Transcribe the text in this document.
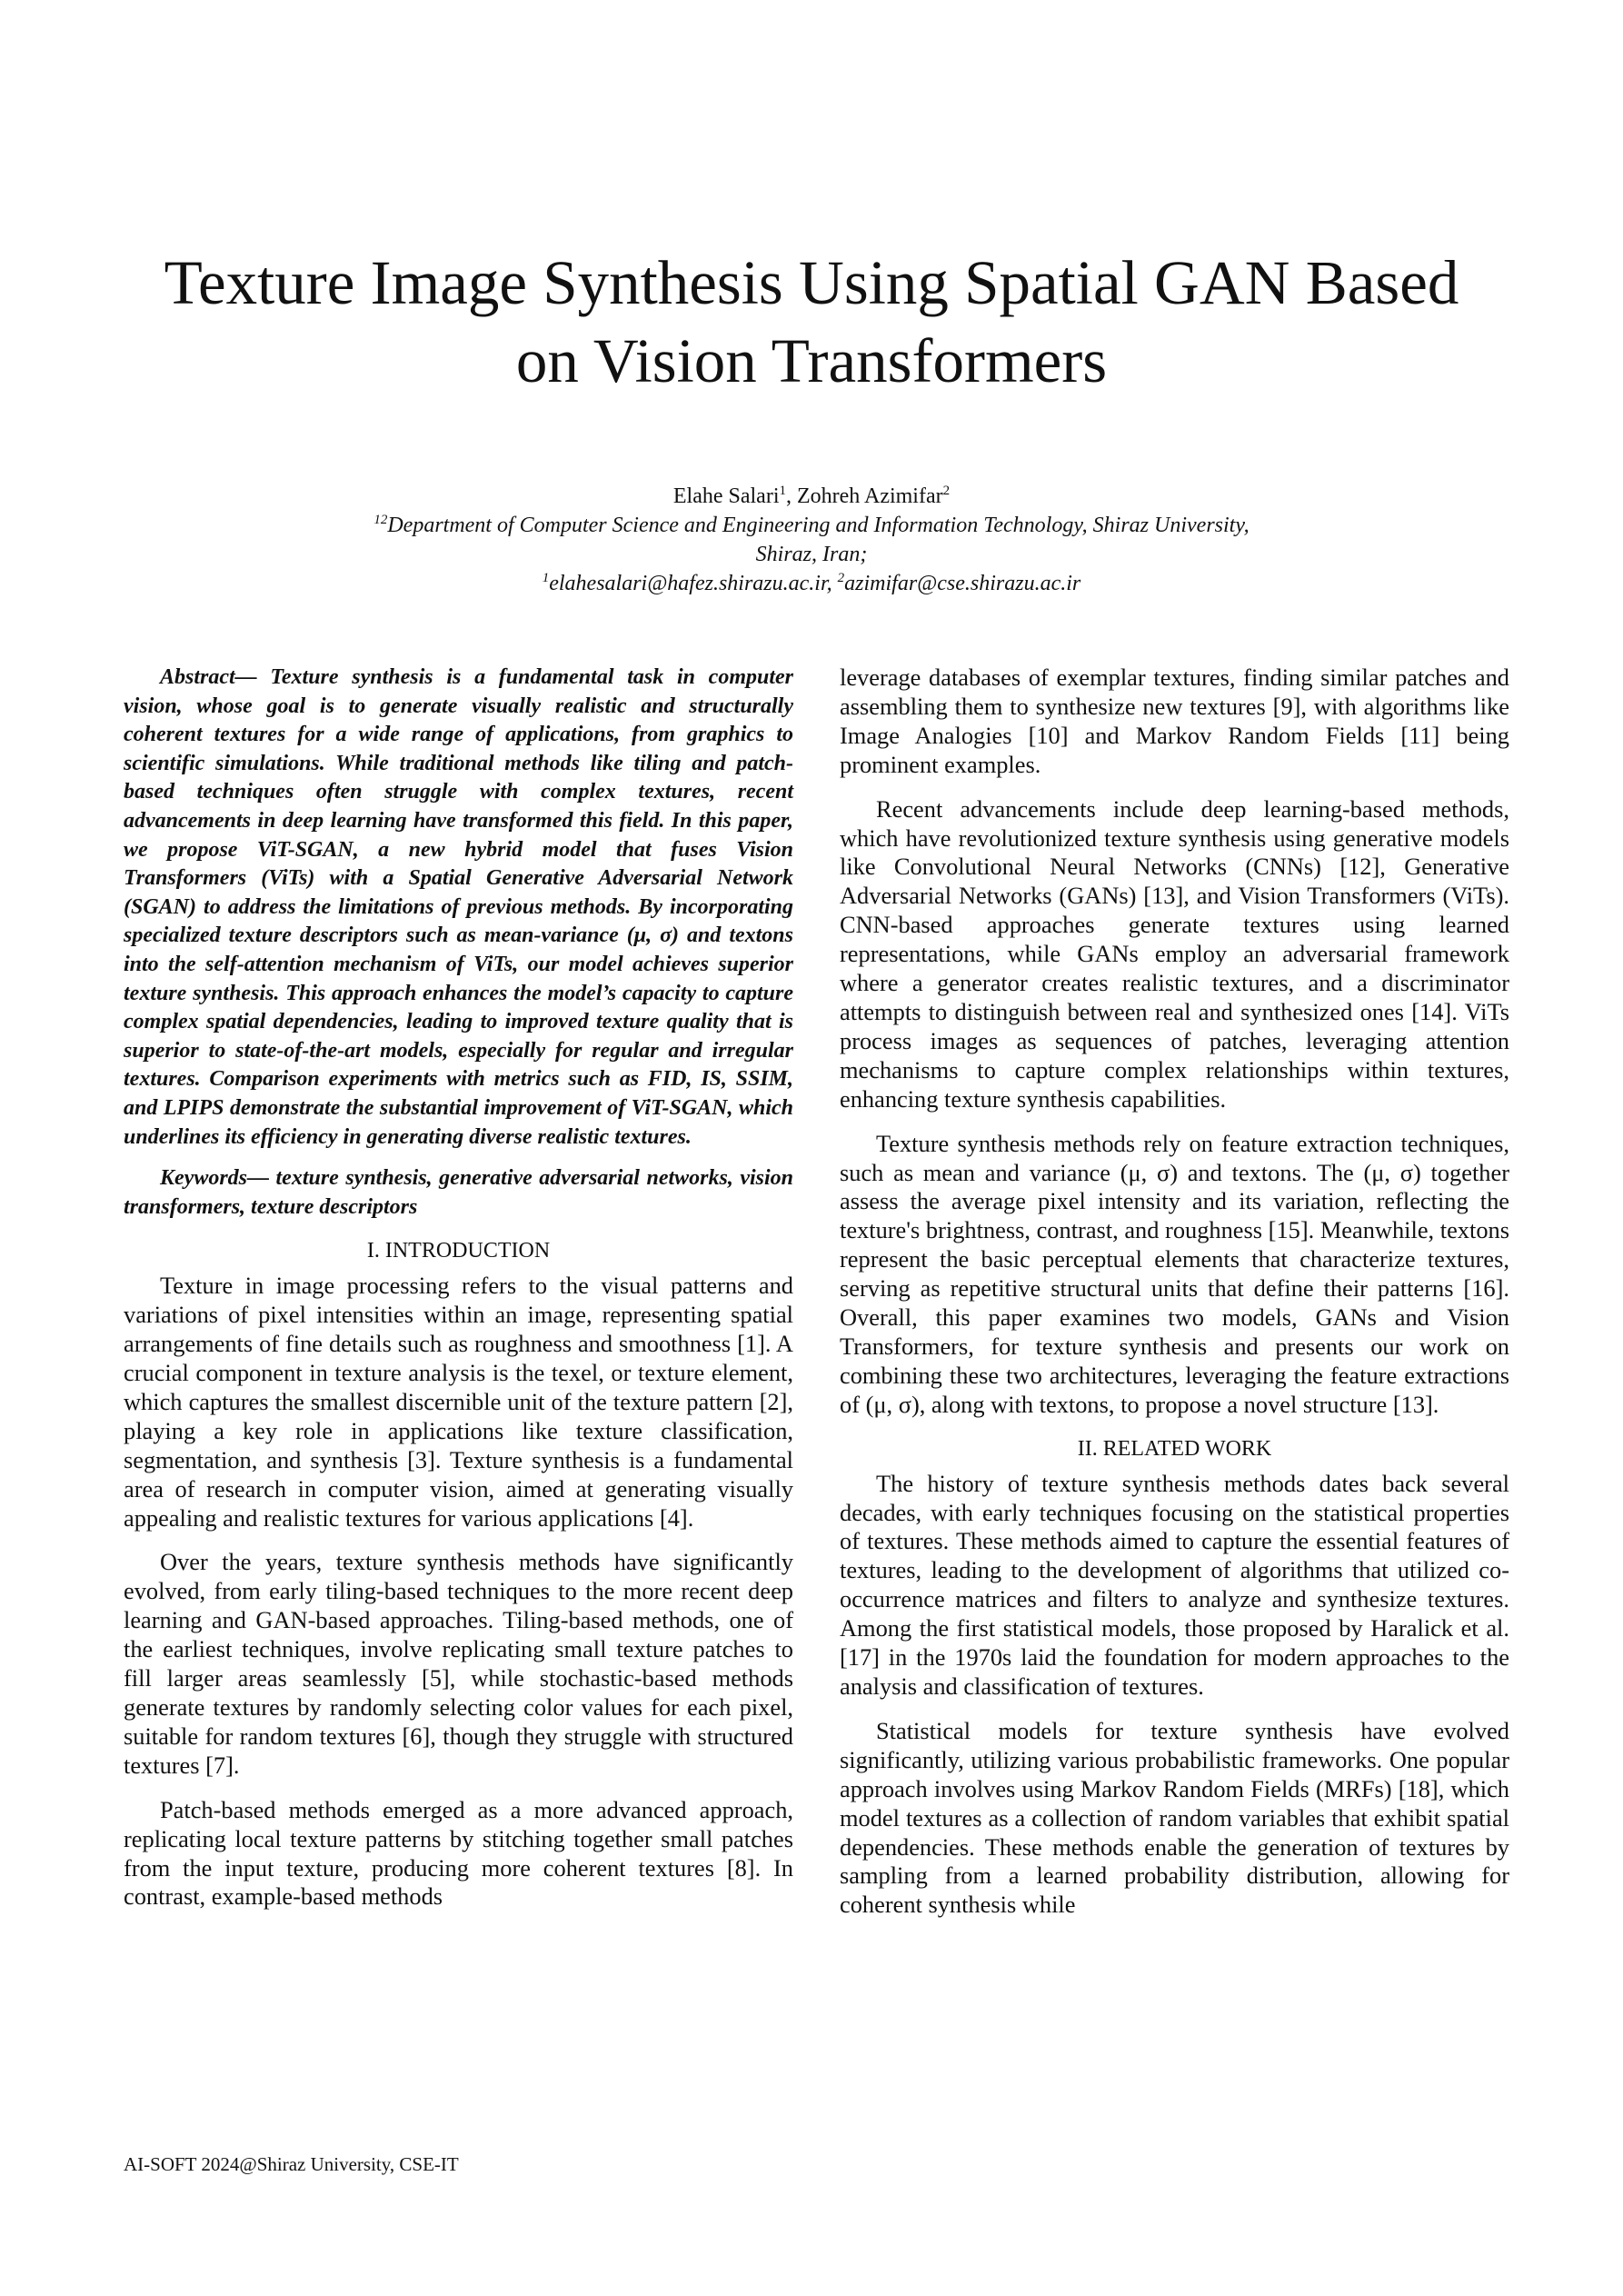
Texture Image Synthesis Using Spatial GAN Based
on Vision Transformers
Elahe Salari$^1$, Zohreh Azimifar$^2$
$^{12}$Department of Computer Science and Engineering and Information Technology, Shiraz University,
Shiraz, Iran;
$^1$elahesalari@hafez.shirazu.ac.ir, $^2$azimifar@cse.shirazu.ac.ir

Abstract— Texture synthesis is a fundamental task in computer vision, whose goal is to generate visually realistic and structurally coherent textures for a wide range of applications, from graphics to scientific simulations. While traditional methods like tiling and patch-based techniques often struggle with complex textures, recent advancements in deep learning have transformed this field. In this paper, we propose ViT-SGAN, a new hybrid model that fuses Vision Transformers (ViTs) with a Spatial Generative Adversarial Network (SGAN) to address the limitations of previous methods. By incorporating specialized texture descriptors such as mean-variance (μ, σ) and textons into the self-attention mechanism of ViTs, our model achieves superior texture synthesis. This approach enhances the model’s capacity to capture complex spatial dependencies, leading to improved texture quality that is superior to state-of-the-art models, especially for regular and irregular textures. Comparison experiments with metrics such as FID, IS, SSIM, and LPIPS demonstrate the substantial improvement of ViT-SGAN, which underlines its efficiency in generating diverse realistic textures.

Keywords— texture synthesis, generative adversarial networks, vision transformers, texture descriptors

I. INTRODUCTION

Texture in image processing refers to the visual patterns and variations of pixel intensities within an image, representing spatial arrangements of fine details such as roughness and smoothness [1]. A crucial component in texture analysis is the texel, or texture element, which captures the smallest discernible unit of the texture pattern [2], playing a key role in applications like texture classification, segmentation, and synthesis [3]. Texture synthesis is a fundamental area of research in computer vision, aimed at generating visually appealing and realistic textures for various applications [4].

Over the years, texture synthesis methods have significantly evolved, from early tiling-based techniques to the more recent deep learning and GAN-based approaches. Tiling-based methods, one of the earliest techniques, involve replicating small texture patches to fill larger areas seamlessly [5], while stochastic-based methods generate textures by randomly selecting color values for each pixel, suitable for random textures [6], though they struggle with structured textures [7].

Patch-based methods emerged as a more advanced approach, replicating local texture patterns by stitching together small patches from the input texture, producing more coherent textures [8]. In contrast, example-based methods

leverage databases of exemplar textures, finding similar patches and assembling them to synthesize new textures [9], with algorithms like Image Analogies [10] and Markov Random Fields [11] being prominent examples.

Recent advancements include deep learning-based methods, which have revolutionized texture synthesis using generative models like Convolutional Neural Networks (CNNs) [12], Generative Adversarial Networks (GANs) [13], and Vision Transformers (ViTs). CNN-based approaches generate textures using learned representations, while GANs employ an adversarial framework where a generator creates realistic textures, and a discriminator attempts to distinguish between real and synthesized ones [14]. ViTs process images as sequences of patches, leveraging attention mechanisms to capture complex relationships within textures, enhancing texture synthesis capabilities.

Texture synthesis methods rely on feature extraction techniques, such as mean and variance (μ, σ) and textons. The (μ, σ) together assess the average pixel intensity and its variation, reflecting the texture's brightness, contrast, and roughness [15]. Meanwhile, textons represent the basic perceptual elements that characterize textures, serving as repetitive structural units that define their patterns [16]. Overall, this paper examines two models, GANs and Vision Transformers, for texture synthesis and presents our work on combining these two architectures, leveraging the feature extractions of (μ, σ), along with textons, to propose a novel structure [13].

II. RELATED WORK

The history of texture synthesis methods dates back several decades, with early techniques focusing on the statistical properties of textures. These methods aimed to capture the essential features of textures, leading to the development of algorithms that utilized co-occurrence matrices and filters to analyze and synthesize textures. Among the first statistical models, those proposed by Haralick et al. [17] in the 1970s laid the foundation for modern approaches to the analysis and classification of textures.

Statistical models for texture synthesis have evolved significantly, utilizing various probabilistic frameworks. One popular approach involves using Markov Random Fields (MRFs) [18], which model textures as a collection of random variables that exhibit spatial dependencies. These methods enable the generation of textures by sampling from a learned probability distribution, allowing for coherent synthesis while

AI-SOFT 2024@Shiraz University, CSE-IT
